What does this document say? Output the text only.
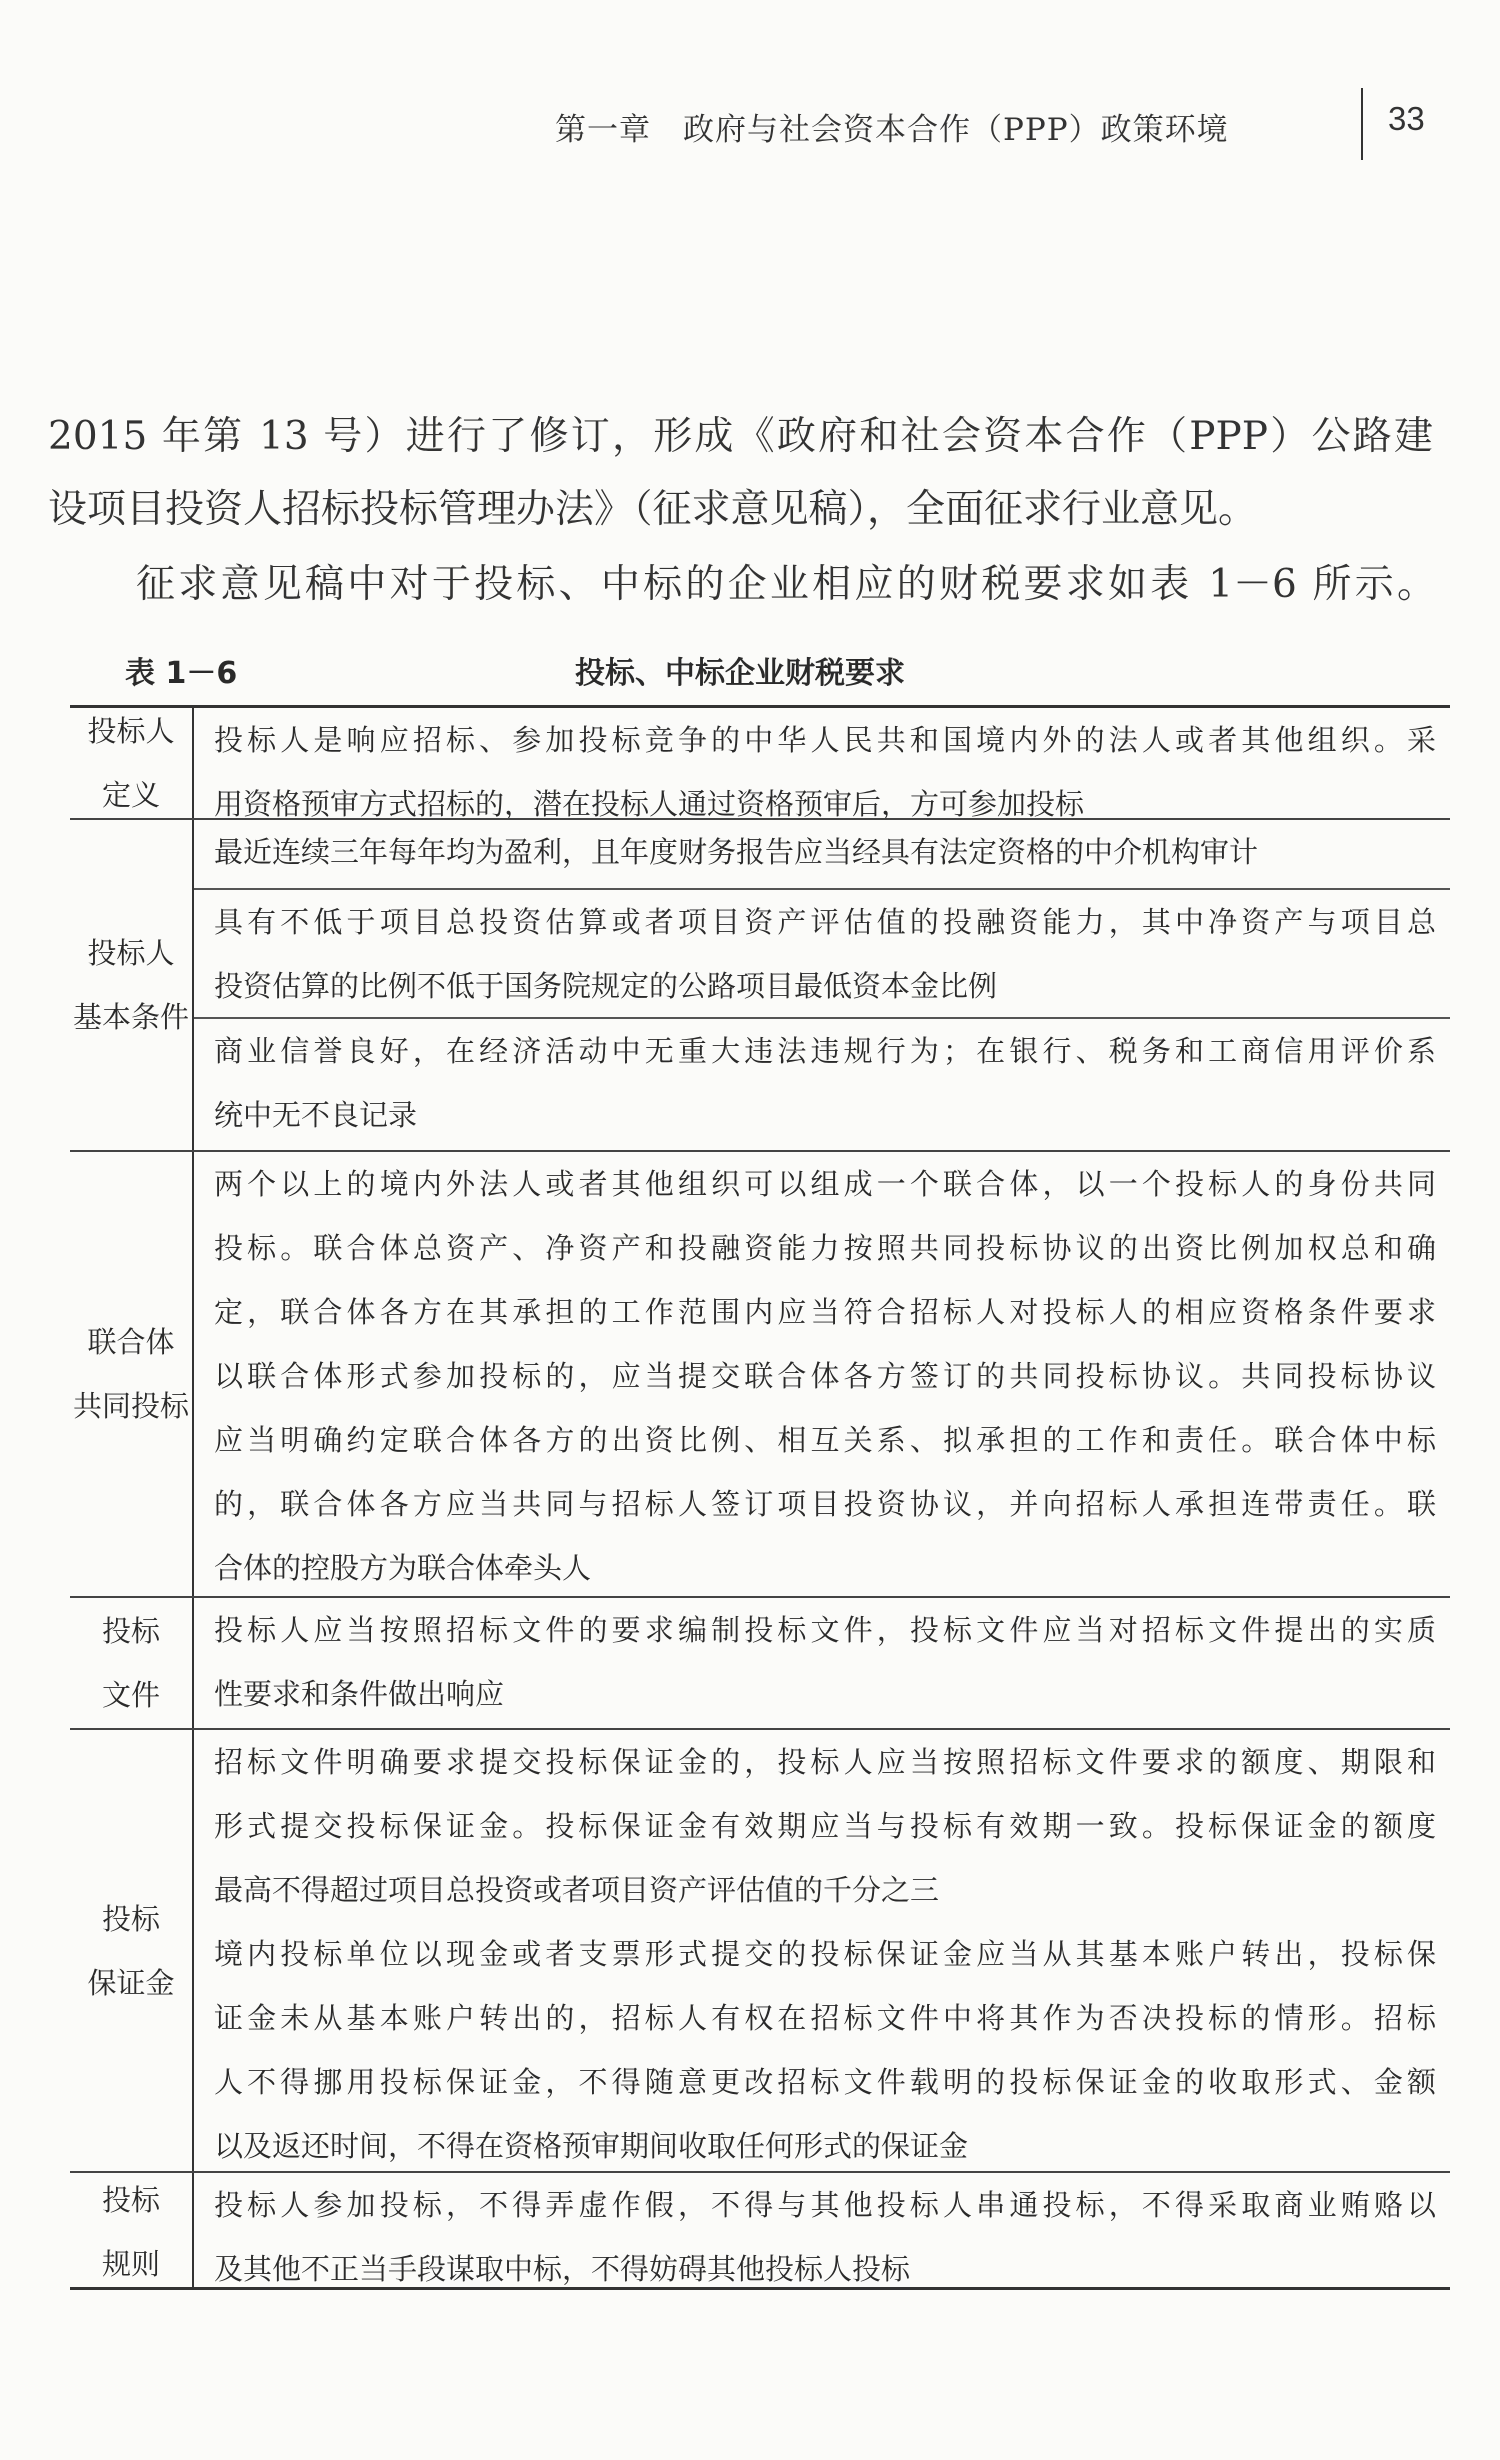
第一章　政府与社会资本合作（PPP）政策环境	33
2015 年第 13 号）进行了修订，形成《政府和社会资本合作（PPP）公路建
设项目投资人招标投标管理办法》（征求意见稿），全面征求行业意见。
征求意见稿中对于投标、中标的企业相应的财税要求如表 1－6 所示。
表 1－6	投标、中标企业财税要求
投标人
定义
投标人是响应招标、参加投标竞争的中华人民共和国境内外的法人或者其他组织。采
用资格预审方式招标的，潜在投标人通过资格预审后，方可参加投标
投标人
基本条件
最近连续三年每年均为盈利，且年度财务报告应当经具有法定资格的中介机构审计
具有不低于项目总投资估算或者项目资产评估值的投融资能力，其中净资产与项目总
投资估算的比例不低于国务院规定的公路项目最低资本金比例
商业信誉良好，在经济活动中无重大违法违规行为；在银行、税务和工商信用评价系
统中无不良记录
联合体
共同投标
两个以上的境内外法人或者其他组织可以组成一个联合体，以一个投标人的身份共同
投标。联合体总资产、净资产和投融资能力按照共同投标协议的出资比例加权总和确
定，联合体各方在其承担的工作范围内应当符合招标人对投标人的相应资格条件要求
以联合体形式参加投标的，应当提交联合体各方签订的共同投标协议。共同投标协议
应当明确约定联合体各方的出资比例、相互关系、拟承担的工作和责任。联合体中标
的，联合体各方应当共同与招标人签订项目投资协议，并向招标人承担连带责任。联
合体的控股方为联合体牵头人
投标
文件
投标人应当按照招标文件的要求编制投标文件，投标文件应当对招标文件提出的实质
性要求和条件做出响应
投标
保证金
招标文件明确要求提交投标保证金的，投标人应当按照招标文件要求的额度、期限和
形式提交投标保证金。投标保证金有效期应当与投标有效期一致。投标保证金的额度
最高不得超过项目总投资或者项目资产评估值的千分之三
境内投标单位以现金或者支票形式提交的投标保证金应当从其基本账户转出，投标保
证金未从基本账户转出的，招标人有权在招标文件中将其作为否决投标的情形。招标
人不得挪用投标保证金，不得随意更改招标文件载明的投标保证金的收取形式、金额
以及返还时间，不得在资格预审期间收取任何形式的保证金
投标
规则
投标人参加投标，不得弄虚作假，不得与其他投标人串通投标，不得采取商业贿赂以
及其他不正当手段谋取中标，不得妨碍其他投标人投标
